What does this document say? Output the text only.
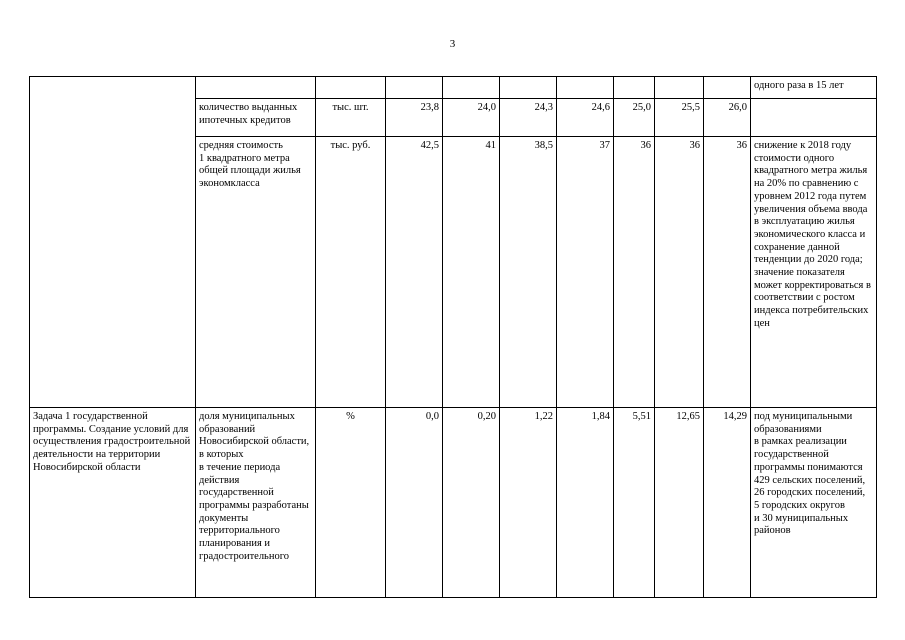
3
										одного раза в 15 лет
	количество выданных ипотечных кредитов	тыс. шт.	23,8	24,0	24,3	24,6	25,0	25,5	26,0	
	средняя стоимость
1 квадратного метра общей площади жилья экономкласса	тыс. руб.	42,5	41	38,5	37	36	36	36	снижение к 2018 году стоимости одного квадратного метра жилья на 20% по сравнению с уровнем 2012 года путем увеличения объема ввода в эксплуатацию жилья
экономического класса и сохранение данной тенденции до 2020 года;
значение показателя может корректироваться в соответствии с ростом индекса потребительских цен
Задача 1 государственной программы. Создание условий для осуществления градостроительной деятельности на территории Новосибирской области	доля муниципальных образований Новосибирской области, в которых
в течение периода действия государственной программы разработаны документы территориального планирования и градостроительного	%	0,0	0,20	1,22	1,84	5,51	12,65	14,29	под муниципальными образованиями
в рамках реализации государственной программы понимаются 429 сельских поселений,
26 городских поселений,
5 городских округов
и 30 муниципальных районов
